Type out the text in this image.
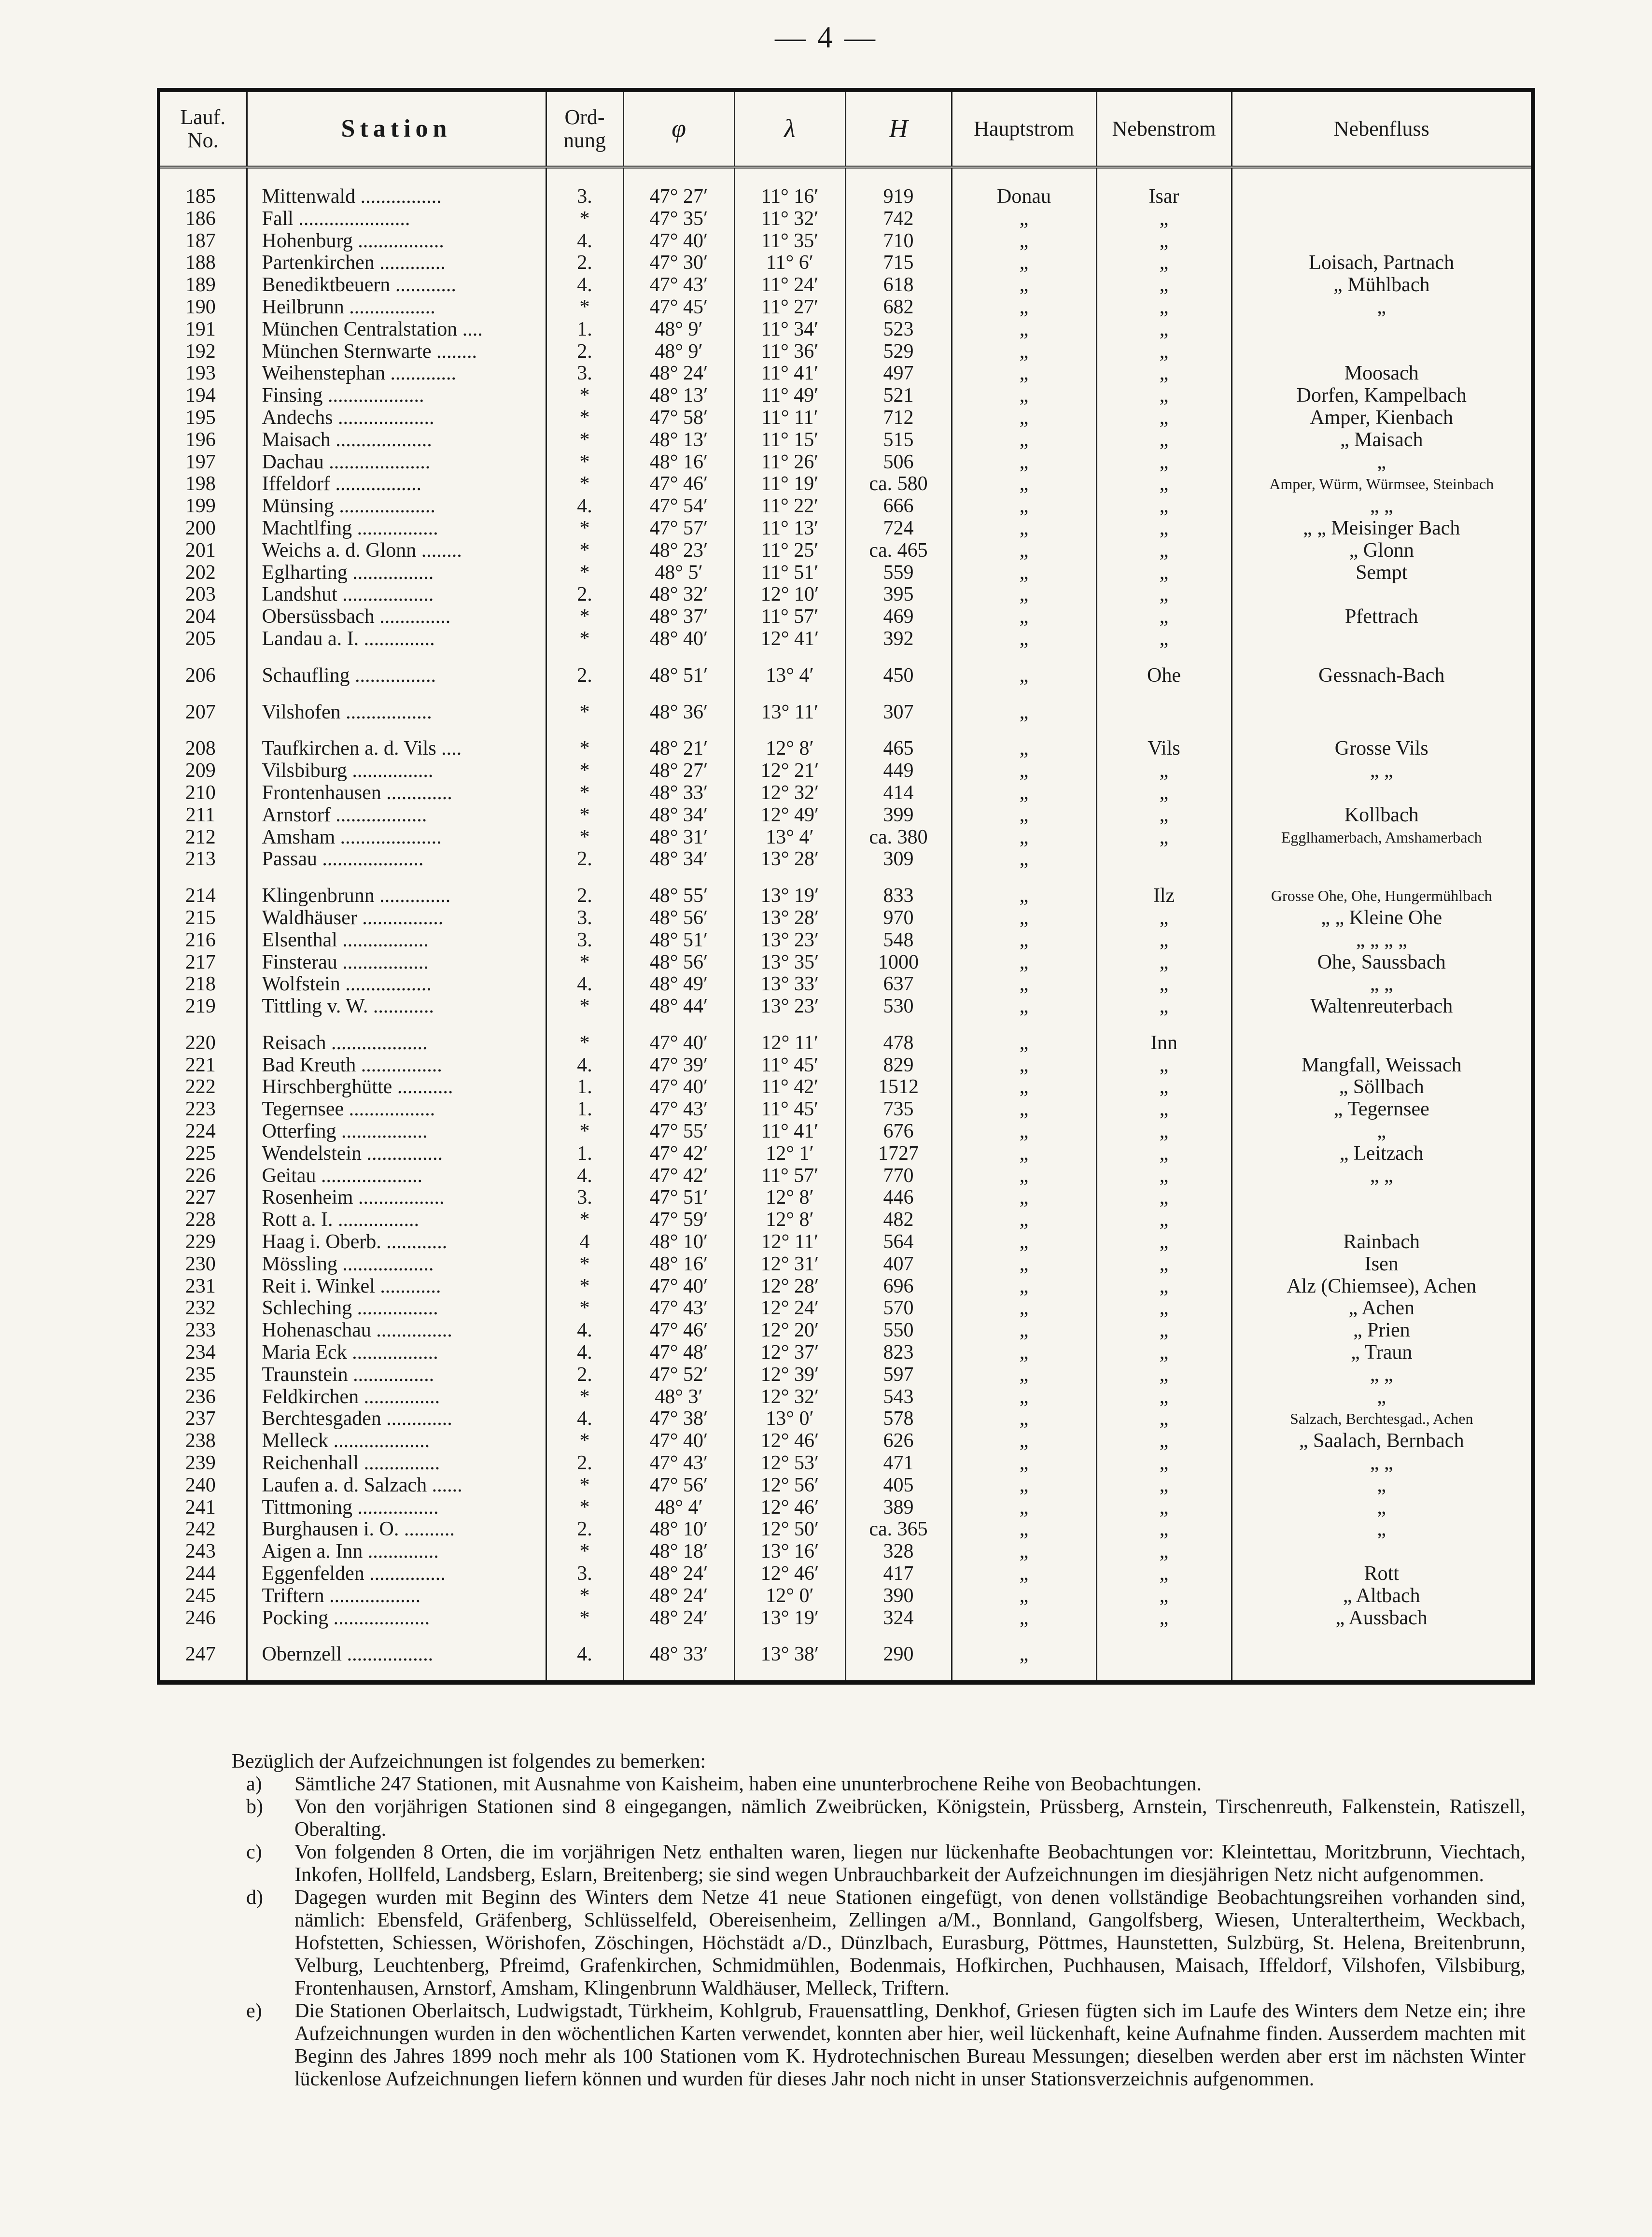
— 4 —
Lauf.
No.	Station	Ord-
nung	φ	λ	H	Hauptstrom	Nebenstrom	Nebenfluss

185	Mittenwald ................	3.	47° 27′	11° 16′	919	Donau	Isar	
186	Fall ......................	*	47° 35′	11° 32′	742	„	„	
187	Hohenburg .................	4.	47° 40′	11° 35′	710	„	„	
188	Partenkirchen .............	2.	47° 30′	11° 6′	715	„	„	Loisach, Partnach
189	Benediktbeuern ............	4.	47° 43′	11° 24′	618	„	„	„ Mühlbach
190	Heilbrunn .................	*	47° 45′	11° 27′	682	„	„	„
191	München Centralstation ....	1.	48° 9′	11° 34′	523	„	„	
192	München Sternwarte ........	2.	48° 9′	11° 36′	529	„	„	
193	Weihenstephan .............	3.	48° 24′	11° 41′	497	„	„	Moosach
194	Finsing ...................	*	48° 13′	11° 49′	521	„	„	Dorfen, Kampelbach
195	Andechs ...................	*	47° 58′	11° 11′	712	„	„	Amper, Kienbach
196	Maisach ...................	*	48° 13′	11° 15′	515	„	„	„ Maisach
197	Dachau ....................	*	48° 16′	11° 26′	506	„	„	„
198	Iffeldorf .................	*	47° 46′	11° 19′	ca. 580	„	„	Amper, Würm, Würmsee, Steinbach
199	Münsing ...................	4.	47° 54′	11° 22′	666	„	„	„ „
200	Machtlfing ................	*	47° 57′	11° 13′	724	„	„	„ „ Meisinger Bach
201	Weichs a. d. Glonn ........	*	48° 23′	11° 25′	ca. 465	„	„	„ Glonn
202	Eglharting ................	*	48° 5′	11° 51′	559	„	„	Sempt
203	Landshut ..................	2.	48° 32′	12° 10′	395	„	„	
204	Obersüssbach ..............	*	48° 37′	11° 57′	469	„	„	Pfettrach
205	Landau a. I. ..............	*	48° 40′	12° 41′	392	„	„	

206	Schaufling ................	2.	48° 51′	13° 4′	450	„	Ohe	Gessnach-Bach

207	Vilshofen .................	*	48° 36′	13° 11′	307	„		

208	Taufkirchen a. d. Vils ....	*	48° 21′	12° 8′	465	„	Vils	Grosse Vils
209	Vilsbiburg ................	*	48° 27′	12° 21′	449	„	„	„ „
210	Frontenhausen .............	*	48° 33′	12° 32′	414	„	„	
211	Arnstorf ..................	*	48° 34′	12° 49′	399	„	„	Kollbach
212	Amsham ....................	*	48° 31′	13° 4′	ca. 380	„	„	Egglhamerbach, Amshamerbach
213	Passau ....................	2.	48° 34′	13° 28′	309	„		

214	Klingenbrunn ..............	2.	48° 55′	13° 19′	833	„	Ilz	Grosse Ohe, Ohe, Hungermühlbach
215	Waldhäuser ................	3.	48° 56′	13° 28′	970	„	„	„ „ Kleine Ohe
216	Elsenthal .................	3.	48° 51′	13° 23′	548	„	„	„ „ „ „
217	Finsterau .................	*	48° 56′	13° 35′	1000	„	„	Ohe, Saussbach
218	Wolfstein .................	4.	48° 49′	13° 33′	637	„	„	„ „
219	Tittling v. W. ............	*	48° 44′	13° 23′	530	„	„	Waltenreuterbach

220	Reisach ...................	*	47° 40′	12° 11′	478	„	Inn	
221	Bad Kreuth ................	4.	47° 39′	11° 45′	829	„	„	Mangfall, Weissach
222	Hirschberghütte ...........	1.	47° 40′	11° 42′	1512	„	„	„ Söllbach
223	Tegernsee .................	1.	47° 43′	11° 45′	735	„	„	„ Tegernsee
224	Otterfing .................	*	47° 55′	11° 41′	676	„	„	„
225	Wendelstein ...............	1.	47° 42′	12° 1′	1727	„	„	„ Leitzach
226	Geitau ....................	4.	47° 42′	11° 57′	770	„	„	„ „
227	Rosenheim .................	3.	47° 51′	12° 8′	446	„	„	
228	Rott a. I. ................	*	47° 59′	12° 8′	482	„	„	
229	Haag i. Oberb. ............	4	48° 10′	12° 11′	564	„	„	Rainbach
230	Mössling ..................	*	48° 16′	12° 31′	407	„	„	Isen
231	Reit i. Winkel ............	*	47° 40′	12° 28′	696	„	„	Alz (Chiemsee), Achen
232	Schleching ................	*	47° 43′	12° 24′	570	„	„	„ Achen
233	Hohenaschau ...............	4.	47° 46′	12° 20′	550	„	„	„ Prien
234	Maria Eck .................	4.	47° 48′	12° 37′	823	„	„	„ Traun
235	Traunstein ................	2.	47° 52′	12° 39′	597	„	„	„ „
236	Feldkirchen ...............	*	48° 3′	12° 32′	543	„	„	„
237	Berchtesgaden .............	4.	47° 38′	13° 0′	578	„	„	Salzach, Berchtesgad., Achen
238	Melleck ...................	*	47° 40′	12° 46′	626	„	„	„ Saalach, Bernbach
239	Reichenhall ...............	2.	47° 43′	12° 53′	471	„	„	„ „
240	Laufen a. d. Salzach ......	*	47° 56′	12° 56′	405	„	„	„
241	Tittmoning ................	*	48° 4′	12° 46′	389	„	„	„
242	Burghausen i. O. ..........	2.	48° 10′	12° 50′	ca. 365	„	„	„
243	Aigen a. Inn ..............	*	48° 18′	13° 16′	328	„	„	
244	Eggenfelden ...............	3.	48° 24′	12° 46′	417	„	„	Rott
245	Triftern ..................	*	48° 24′	12° 0′	390	„	„	„ Altbach
246	Pocking ...................	*	48° 24′	13° 19′	324	„	„	„ Aussbach

247	Obernzell .................	4.	48° 33′	13° 38′	290	„		

Bezüglich der Aufzeichnungen ist folgendes zu bemerken:
a)	Sämtliche 247 Stationen, mit Ausnahme von Kaisheim, haben eine ununterbrochene Reihe von Beobachtungen.
b)	Von den vorjährigen Stationen sind 8 eingegangen, nämlich Zweibrücken, Königstein, Prüssberg, Arnstein, Tirschenreuth, Falkenstein, Ratiszell, Oberalting.
c)	Von folgenden 8 Orten, die im vorjährigen Netz enthalten waren, liegen nur lückenhafte Beobachtungen vor: Kleintettau, Moritzbrunn, Viechtach, Inkofen, Hollfeld, Landsberg, Eslarn, Breitenberg; sie sind wegen Unbrauchbarkeit der Aufzeichnungen im diesjährigen Netz nicht aufgenommen.
d)	Dagegen wurden mit Beginn des Winters dem Netze 41 neue Stationen eingefügt, von denen vollständige Beobachtungsreihen vorhanden sind, nämlich: Ebensfeld, Gräfenberg, Schlüsselfeld, Obereisenheim, Zellingen a/M., Bonnland, Gangolfsberg, Wiesen, Unteraltertheim, Weckbach, Hofstetten, Schiessen, Wörishofen, Zöschingen, Höchstädt a/D., Dünzlbach, Eurasburg, Pöttmes, Haunstetten, Sulzbürg, St. Helena, Breitenbrunn, Velburg, Leuchtenberg, Pfreimd, Grafenkirchen, Schmidmühlen, Bodenmais, Hofkirchen, Puchhausen, Maisach, Iffeldorf, Vilshofen, Vilsbiburg, Frontenhausen, Arnstorf, Amsham, Klingenbrunn Waldhäuser, Melleck, Triftern.
e)	Die Stationen Oberlaitsch, Ludwigstadt, Türkheim, Kohlgrub, Frauensattling, Denkhof, Griesen fügten sich im Laufe des Winters dem Netze ein; ihre Aufzeichnungen wurden in den wöchentlichen Karten verwendet, konnten aber hier, weil lückenhaft, keine Aufnahme finden. Ausserdem machten mit Beginn des Jahres 1899 noch mehr als 100 Stationen vom K. Hydrotechnischen Bureau Messungen; dieselben werden aber erst im nächsten Winter lückenlose Aufzeichnungen liefern können und wurden für dieses Jahr noch nicht in unser Stationsverzeichnis aufgenommen.
